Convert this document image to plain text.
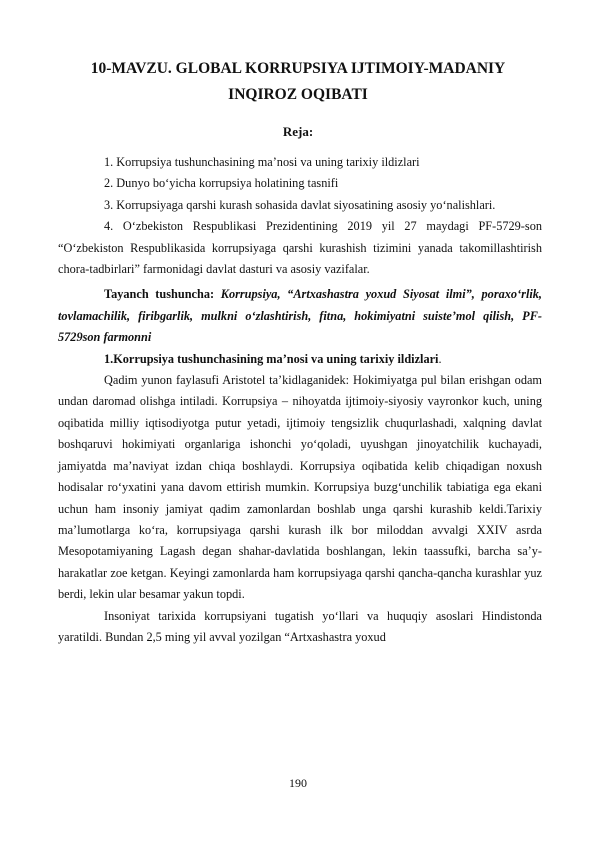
10-MAVZU. GLOBAL KORRUPSIYA IJTIMOIY-MADANIY
INQIROZ OQIBATI
Reja:

1. Korrupsiya tushunchasining ma’nosi va uning tarixiy ildizlari

2. Dunyo bo‘yicha korrupsiya holatining tasnifi

3. Korrupsiyaga qarshi kurash sohasida davlat siyosatining asosiy yo‘nalishlari.

4. O‘zbekiston Respublikasi Prezidentining 2019 yil 27 maydagi PF-5729-son “O‘zbekiston Respublikasida korrupsiyaga qarshi kurashish tizimini yanada takomillashtirish chora-tadbirlari” farmonidagi davlat dasturi va asosiy vazifalar.

Tayanch tushuncha: Korrupsiya, “Artxashastra yoxud Siyosat ilmi”, poraxo‘rlik, tovlamachilik, firibgarlik, mulkni o‘zlashtirish, fitna, hokimiyatni suiste’mol qilish, PF-5729son farmonni

1.Korrupsiya tushunchasining ma’nosi va uning tarixiy ildizlari.

Qadim yunon faylasufi Aristotel ta’kidlaganidek: Hokimiyatga pul bilan erishgan odam undan daromad olishga intiladi. Korrupsiya – nihoyatda ijtimoiy-siyosiy vayronkor kuch, uning oqibatida milliy iqtisodiyotga putur yetadi, ijtimoiy tengsizlik chuqurlashadi, xalqning davlat boshqaruvi hokimiyati organlariga ishonchi yo‘qoladi, uyushgan jinoyatchilik kuchayadi, jamiyatda ma’naviyat izdan chiqa boshlaydi. Korrupsiya oqibatida kelib chiqadigan noxush hodisalar ro‘yxatini yana davom ettirish mumkin. Korrupsiya buzg‘unchilik tabiatiga ega ekani uchun ham insoniy jamiyat qadim zamonlardan boshlab unga qarshi kurashib keldi.Tarixiy ma’lumotlarga ko‘ra, korrupsiyaga qarshi kurash ilk bor miloddan avvalgi XXIV asrda Mesopotamiyaning Lagash degan shahar-davlatida boshlangan, lekin taassufki, barcha sa’y-harakatlar zoe ketgan. Keyingi zamonlarda ham korrupsiyaga qarshi qancha-qancha kurashlar yuz berdi, lekin ular besamar yakun topdi.

Insoniyat tarixida korrupsiyani tugatish yo‘llari va huquqiy asoslari Hindistonda yaratildi. Bundan 2,5 ming yil avval yozilgan “Artxashastra yoxud

190
